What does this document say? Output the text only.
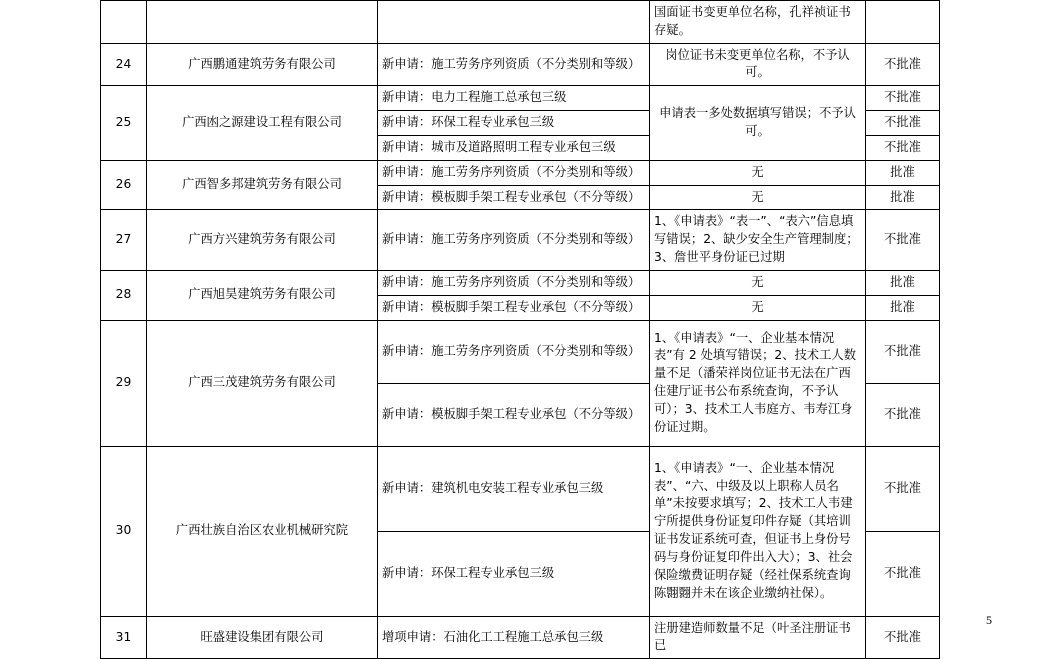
			国面证书变更单位名称，孔祥祯证书存疑。	
24	广西鹏通建筑劳务有限公司	新申请：施工劳务序列资质（不分类别和等级）	岗位证书未变更单位名称，不予认可。	不批准
25	广西凼之源建设工程有限公司	新申请：电力工程施工总承包三级	申请表一多处数据填写错误；不予认可。	不批准
		新申请：环保工程专业承包三级		不批准
		新申请：城市及道路照明工程专业承包三级		不批准
26	广西智多邦建筑劳务有限公司	新申请：施工劳务序列资质（不分类别和等级）	无	批准
		新申请：模板脚手架工程专业承包（不分等级）	无	批准
27	广西方兴建筑劳务有限公司	新申请：施工劳务序列资质（不分类别和等级）	1、《申请表》“表一”、“表六”信息填写错误；2、缺少安全生产管理制度；3、詹世平身份证已过期	不批准
28	广西旭昊建筑劳务有限公司	新申请：施工劳务序列资质（不分类别和等级）	无	批准
		新申请：模板脚手架工程专业承包（不分等级）	无	批准
29	广西三茂建筑劳务有限公司	新申请：施工劳务序列资质（不分类别和等级）	1、《申请表》“一、企业基本情况表”有 2 处填写错误；2、技术工人数量不足（潘荣祥岗位证书无法在广西住建厅证书公布系统查询，不予认可）；3、技术工人韦庭方、韦寿江身份证过期。	不批准
		新申请：模板脚手架工程专业承包（不分等级）		不批准
30	广西壮族自治区农业机械研究院	新申请：建筑机电安装工程专业承包三级	1、《申请表》“一、企业基本情况表”、“六、中级及以上职称人员名单”未按要求填写；2、技术工人韦建宁所提供身份证复印件存疑（其培训证书发证系统可查，但证书上身份号码与身份证复印件出入大）；3、社会保险缴费证明存疑（经社保系统查询陈翾翾并未在该企业缴纳社保）。	不批准
		新申请：环保工程专业承包三级		不批准
31	旺盛建设集团有限公司	增项申请：石油化工工程施工总承包三级	注册建造师数量不足（叶圣注册证书已	不批准
5
